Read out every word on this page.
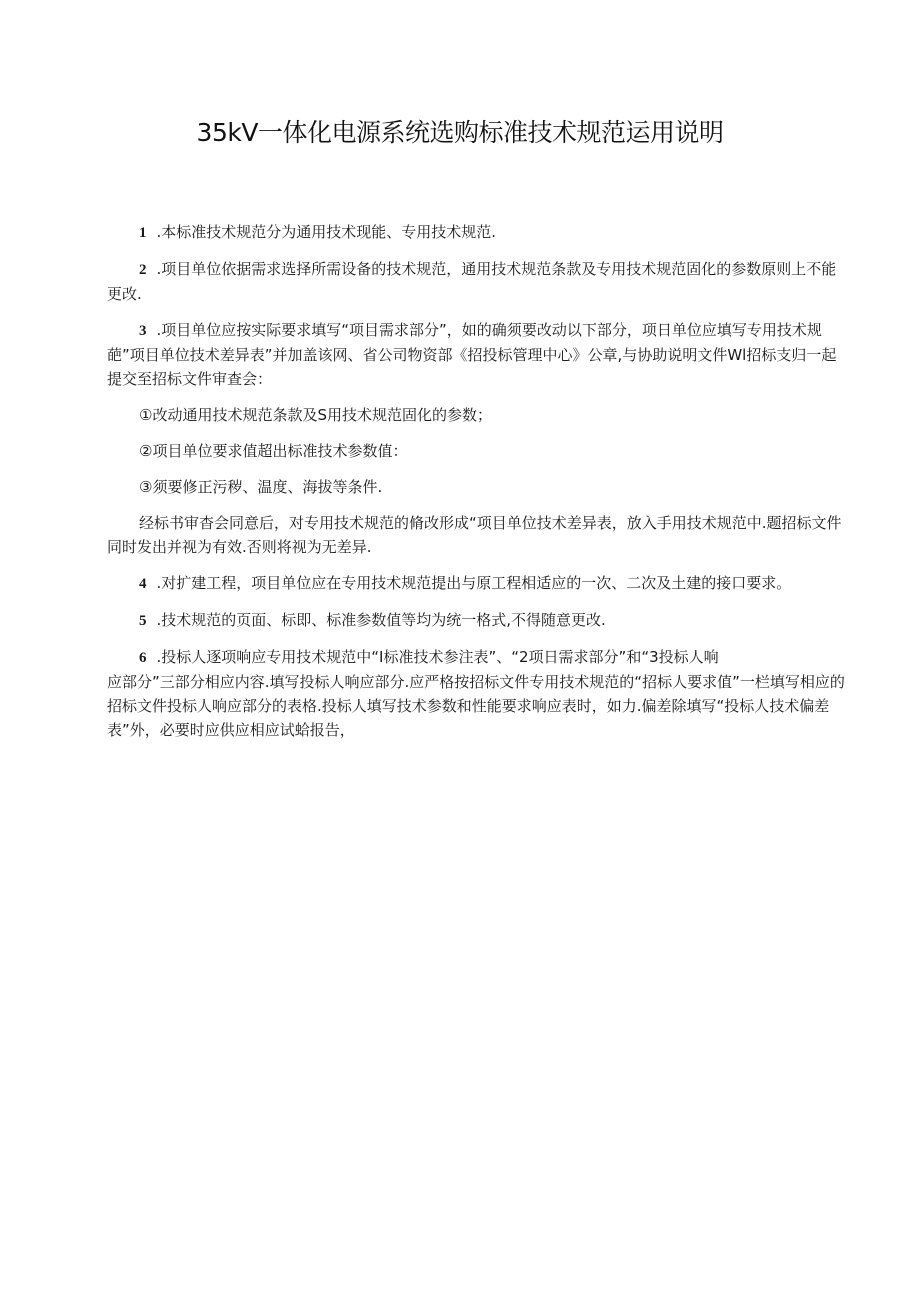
35kV一体化电源系统选购标准技术规范运用说明

1 .本标准技术规范分为通用技术现能、专用技术规范.

2 .项目单位依据需求选择所需设备的技术规范，通用技术规范条款及专用技术规范固化的参数原则上不能更改.

3 .项目单位应按实际要求填写“项目需求部分”，如的确须要改动以下部分，项日单位应填写专用技术规葩”项目单位技术差异表”并加盖该网、省公司物资部《招投标管理中心》公章,与协助说明文件Wl招标支归一起提交至招标文件审查会：

①改动通用技术规范条款及S用技术规范固化的参数；

②项目单位要求值超出标准技术参数值：

③须要修正污秽、温度、海拔等条件.

经标书审杳会同意后，对专用技术规范的脩改形成“项目单位技术差异表，放入手用技术规范中.题招标文件同时发出并视为有效.否则将视为无差异.

4 .对扩建工程，项目单位应在专用技术规范提出与原工程相适应的一次、二次及土建的接口要求。

5 .技术规范的页面、标即、标准参数值等均为统一格式,不得随意更改.

6 .投标人逐项响应专用技术规范中“I标准技术参注表”、“2项日需求部分”和“3投标人响

应部分”三部分相应内容.填写投标人响应部分.应严格按招标文件专用技术规范的“招标人要求值”一栏填写相应的招标文件投标人响应部分的表格.投标人填写技术参数和性能要求响应表时，如力.偏差除填写“投标人技术偏差表”外，必要时应供应相应试蛤报告，
